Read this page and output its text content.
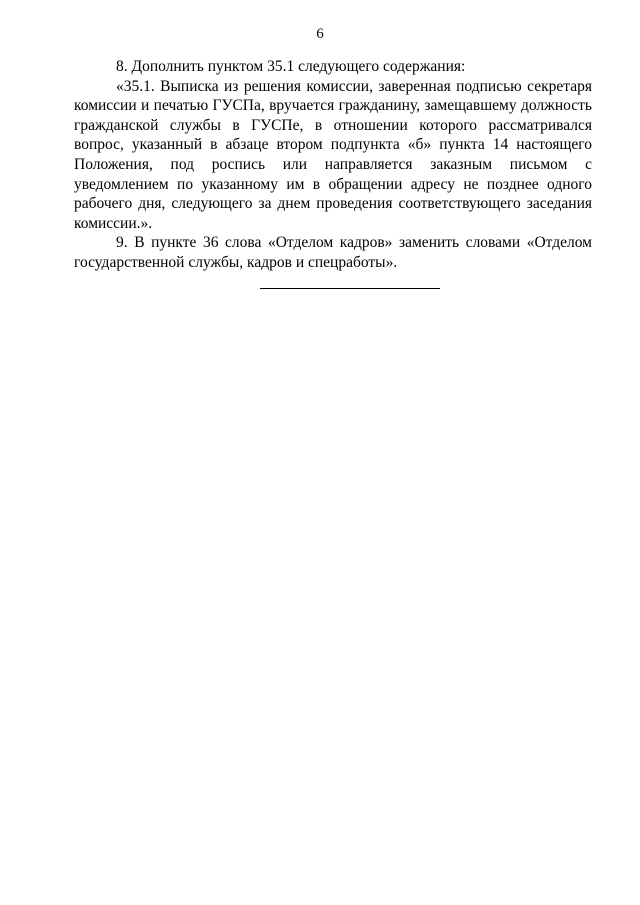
6

8. Дополнить пунктом 35.1 следующего содержания:

«35.1. Выписка из решения комиссии, заверенная подписью секретаря комиссии и печатью ГУСПа, вручается гражданину, замещавшему должность гражданской службы в ГУСПе, в отношении которого рассматривался вопрос, указанный в абзаце втором подпункта «б» пункта 14 настоящего Положения, под роспись или направляется заказным письмом с уведомлением по указанному им в обращении адресу не позднее одного рабочего дня, следующего за днем проведения соответствующего заседания комиссии.».

9. В пункте 36 слова «Отделом кадров» заменить словами «Отделом государственной службы, кадров и спецработы».
